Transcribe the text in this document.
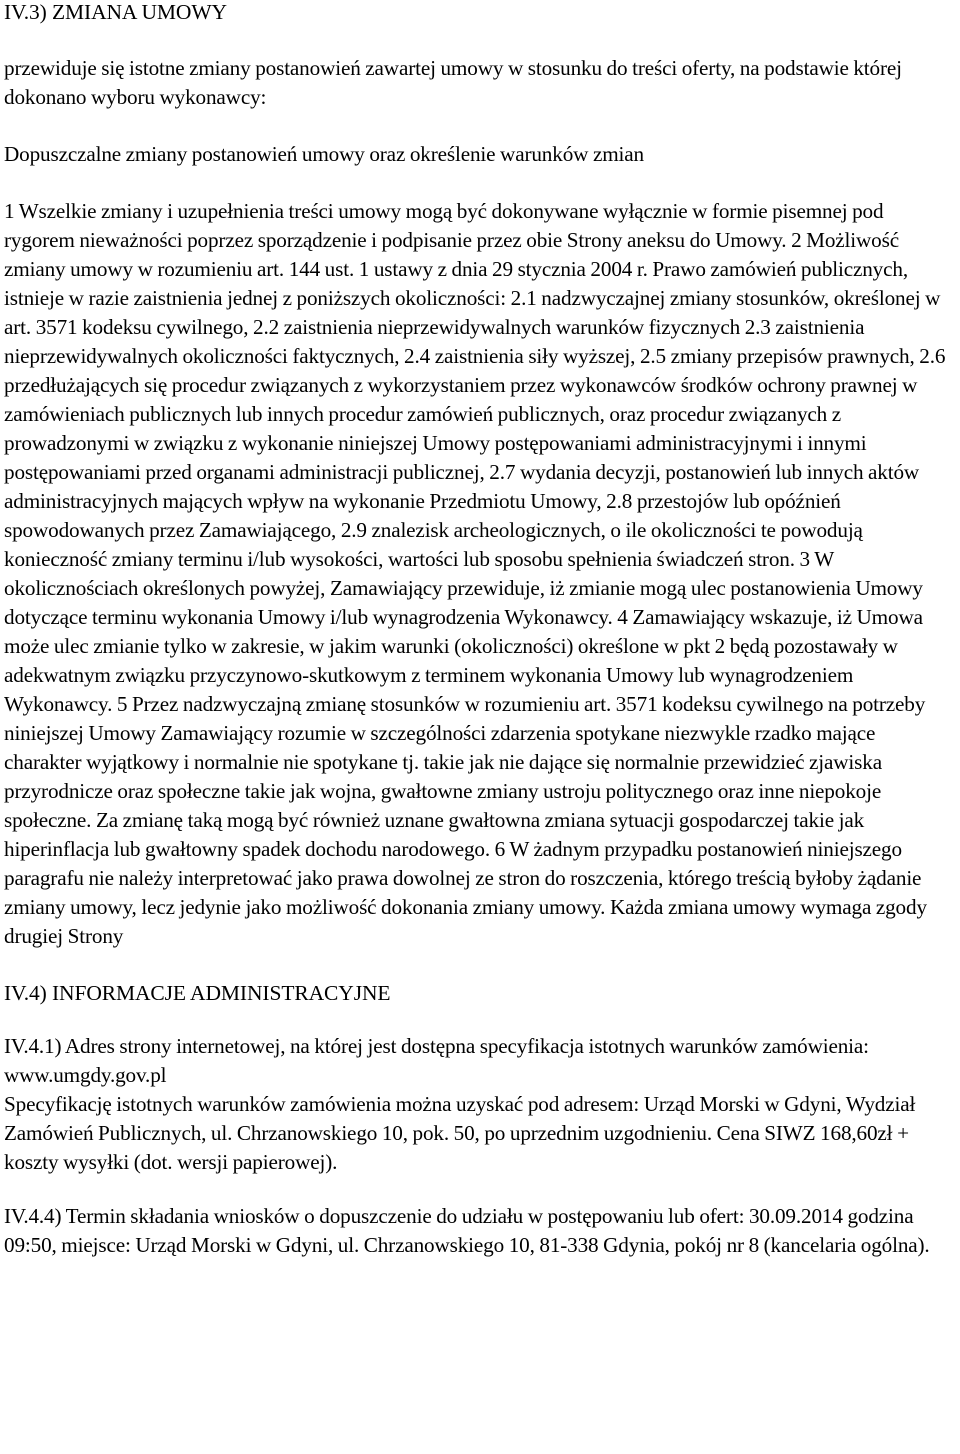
IV.3) ZMIANA UMOWY

przewiduje się istotne zmiany postanowień zawartej umowy w stosunku do treści oferty, na podstawie której dokonano wyboru wykonawcy:

Dopuszczalne zmiany postanowień umowy oraz określenie warunków zmian

1 Wszelkie zmiany i uzupełnienia treści umowy mogą być dokonywane wyłącznie w formie pisemnej pod rygorem nieważności poprzez sporządzenie i podpisanie przez obie Strony aneksu do Umowy. 2 Możliwość zmiany umowy w rozumieniu art. 144 ust. 1 ustawy z dnia 29 stycznia 2004 r. Prawo zamówień publicznych, istnieje w razie zaistnienia jednej z poniższych okoliczności: 2.1 nadzwyczajnej zmiany stosunków, określonej w art. 3571 kodeksu cywilnego, 2.2 zaistnienia nieprzewidywalnych warunków fizycznych 2.3 zaistnienia nieprzewidywalnych okoliczności faktycznych, 2.4 zaistnienia siły wyższej, 2.5 zmiany przepisów prawnych, 2.6 przedłużających się procedur związanych z wykorzystaniem przez wykonawców środków ochrony prawnej w zamówieniach publicznych lub innych procedur zamówień publicznych, oraz procedur związanych z prowadzonymi w związku z wykonanie niniejszej Umowy postępowaniami administracyjnymi i innymi postępowaniami przed organami administracji publicznej, 2.7 wydania decyzji, postanowień lub innych aktów administracyjnych mających wpływ na wykonanie Przedmiotu Umowy, 2.8 przestojów lub opóźnień spowodowanych przez Zamawiającego, 2.9 znalezisk archeologicznych, o ile okoliczności te powodują konieczność zmiany terminu i/lub wysokości, wartości lub sposobu spełnienia świadczeń stron. 3 W okolicznościach określonych powyżej, Zamawiający przewiduje, iż zmianie mogą ulec postanowienia Umowy dotyczące terminu wykonania Umowy i/lub wynagrodzenia Wykonawcy. 4 Zamawiający wskazuje, iż Umowa może ulec zmianie tylko w zakresie, w jakim warunki (okoliczności) określone w pkt 2 będą pozostawały w adekwatnym związku przyczynowo-skutkowym z terminem wykonania Umowy lub wynagrodzeniem Wykonawcy. 5 Przez nadzwyczajną zmianę stosunków w rozumieniu art. 3571 kodeksu cywilnego na potrzeby niniejszej Umowy Zamawiający rozumie w szczególności zdarzenia spotykane niezwykle rzadko mające charakter wyjątkowy i normalnie nie spotykane tj. takie jak nie dające się normalnie przewidzieć zjawiska przyrodnicze oraz społeczne takie jak wojna, gwałtowne zmiany ustroju politycznego oraz inne niepokoje społeczne. Za zmianę taką mogą być również uznane gwałtowna zmiana sytuacji gospodarczej takie jak hiperinflacja lub gwałtowny spadek dochodu narodowego. 6 W żadnym przypadku postanowień niniejszego paragrafu nie należy interpretować jako prawa dowolnej ze stron do roszczenia, którego treścią byłoby żądanie zmiany umowy, lecz jedynie jako możliwość dokonania zmiany umowy. Każda zmiana umowy wymaga zgody drugiej Strony

IV.4) INFORMACJE ADMINISTRACYJNE

IV.4.1) Adres strony internetowej, na której jest dostępna specyfikacja istotnych warunków zamówienia: www.umgdy.gov.pl

Specyfikację istotnych warunków zamówienia można uzyskać pod adresem: Urząd Morski w Gdyni, Wydział Zamówień Publicznych, ul. Chrzanowskiego 10, pok. 50, po uprzednim uzgodnieniu. Cena SIWZ 168,60zł + koszty wysyłki (dot. wersji papierowej).

IV.4.4) Termin składania wniosków o dopuszczenie do udziału w postępowaniu lub ofert: 30.09.2014 godzina 09:50, miejsce: Urząd Morski w Gdyni, ul. Chrzanowskiego 10, 81-338 Gdynia, pokój nr 8 (kancelaria ogólna).
